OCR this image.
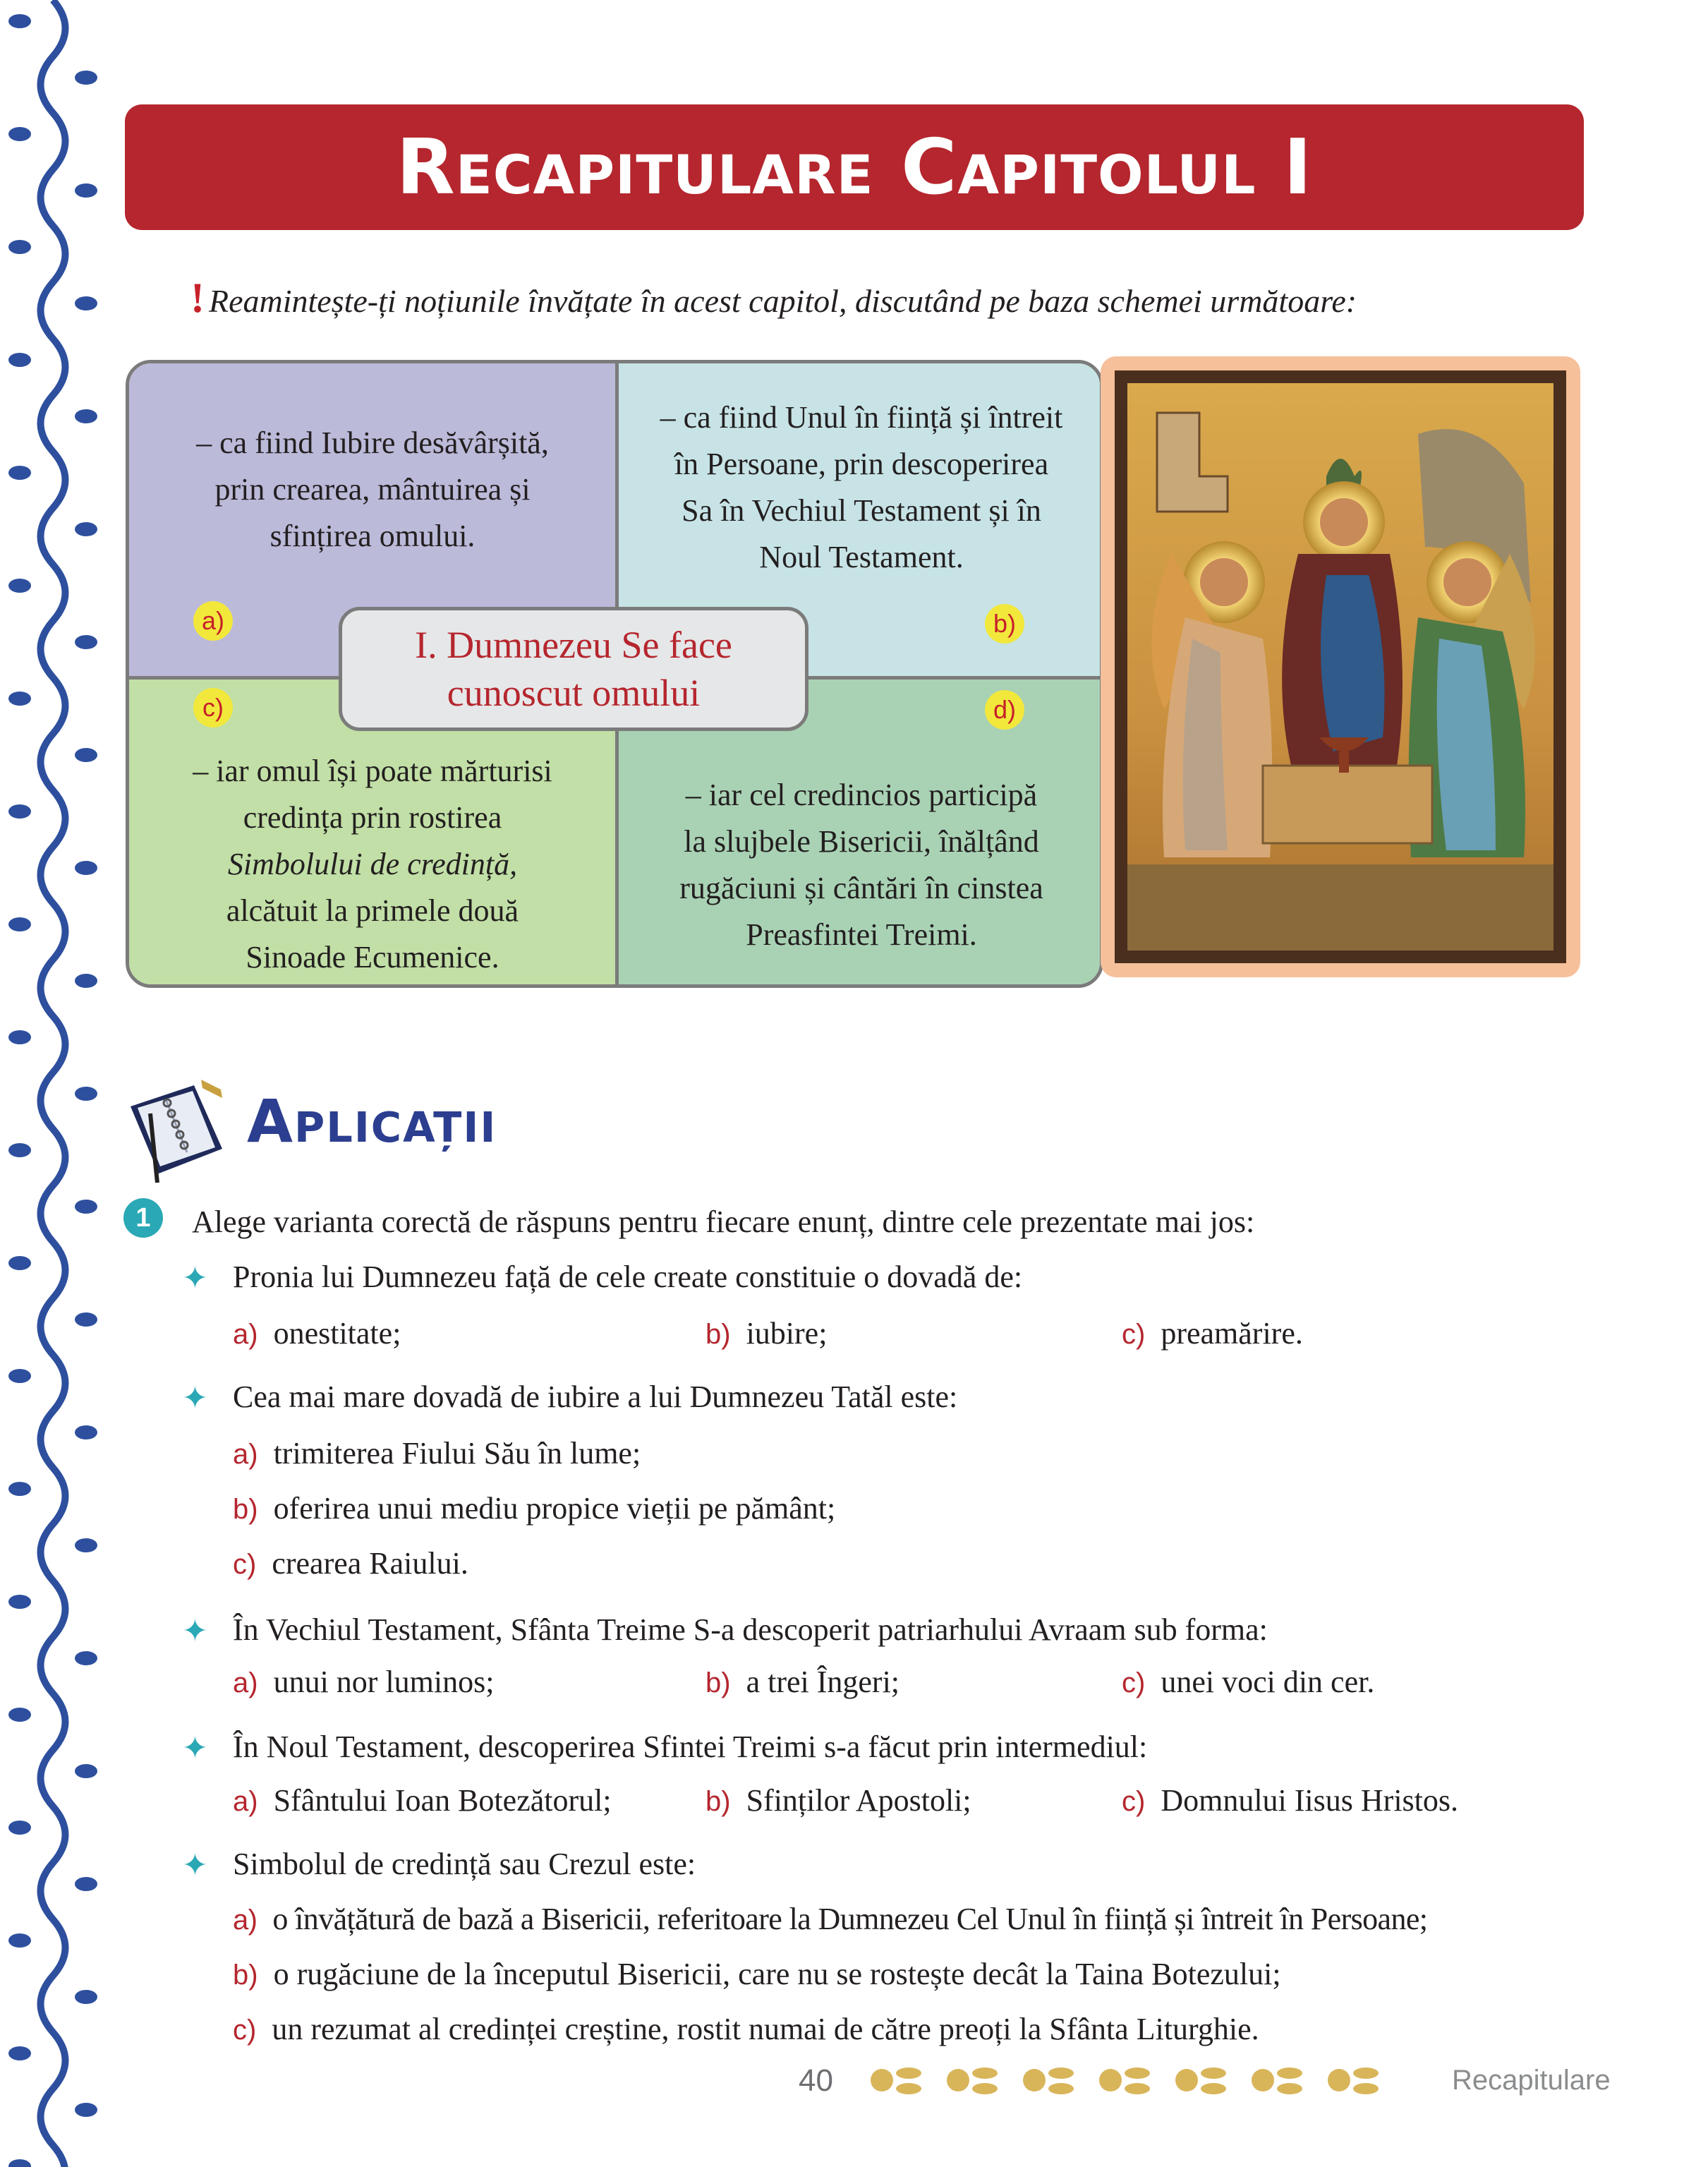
Recapitulare Capitolul I
! Reamintește-ți noțiunile învățate în acest capitol, discutând pe baza schemei următoare:
– ca fiind Iubire desăvârșită,
prin crearea, mântuirea și
sfințirea omului.
– ca fiind Unul în ființă și întreit
în Persoane, prin descoperirea
Sa în Vechiul Testament și în
Noul Testament.
– iar omul își poate mărturisi
credința prin rostirea
Simbolului de credință,
alcătuit la primele două
Sinoade Ecumenice.
– iar cel credincios participă
la slujbele Bisericii, înălțând
rugăciuni și cântări în cinstea
Preasfintei Treimi.
a)	b)
c)	d)
I. Dumnezeu Se face
cunoscut omului
Aplicații
1	Alege varianta corectă de răspuns pentru fiecare enunț, dintre cele prezentate mai jos:
✦ Pronia lui Dumnezeu față de cele create constituie o dovadă de:
a) onestitate;	b) iubire;	c) preamărire.
✦ Cea mai mare dovadă de iubire a lui Dumnezeu Tatăl este:
a) trimiterea Fiului Său în lume;
b) oferirea unui mediu propice vieții pe pământ;
c) crearea Raiului.
✦ În Vechiul Testament, Sfânta Treime S-a descoperit patriarhului Avraam sub forma:
a) unui nor luminos;	b) a trei Îngeri;	c) unei voci din cer.
✦ În Noul Testament, descoperirea Sfintei Treimi s-a făcut prin intermediul:
a) Sfântului Ioan Botezătorul;	b) Sfinților Apostoli;	c) Domnului Iisus Hristos.
✦ Simbolul de credință sau Crezul este:
a) o învățătură de bază a Bisericii, referitoare la Dumnezeu Cel Unul în ființă și întreit în Persoane;
b) o rugăciune de la începutul Bisericii, care nu se rostește decât la Taina Botezului;
c) un rezumat al credinței creștine, rostit numai de către preoți la Sfânta Liturghie.
40	Recapitulare
